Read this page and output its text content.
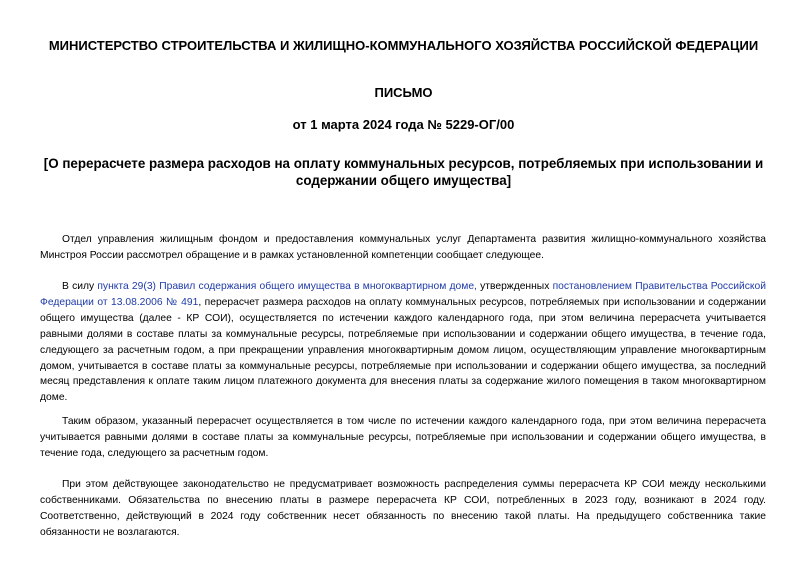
МИНИСТЕРСТВО СТРОИТЕЛЬСТВА И ЖИЛИЩНО-КОММУНАЛЬНОГО ХОЗЯЙСТВА РОССИЙСКОЙ ФЕДЕРАЦИИ
ПИСЬМО
от 1 марта 2024 года № 5229-ОГ/00
[О перерасчете размера расходов на оплату коммунальных ресурсов, потребляемых при использовании и содержании общего имущества]

Отдел управления жилищным фондом и предоставления коммунальных услуг Департамента развития жилищно-коммунального хозяйства Минстроя России рассмотрел обращение и в рамках установленной компетенции сообщает следующее.

В силу пункта 29(3) Правил содержания общего имущества в многоквартирном доме, утвержденных постановлением Правительства Российской Федерации от 13.08.2006 № 491, перерасчет размера расходов на оплату коммунальных ресурсов, потребляемых при использовании и содержании общего имущества (далее - КР СОИ), осуществляется по истечении каждого календарного года, при этом величина перерасчета учитывается равными долями в составе платы за коммунальные ресурсы, потребляемые при использовании и содержании общего имущества, в течение года, следующего за расчетным годом, а при прекращении управления многоквартирным домом лицом, осуществляющим управление многоквартирным домом, учитывается в составе платы за коммунальные ресурсы, потребляемые при использовании и содержании общего имущества, за последний месяц представления к оплате таким лицом платежного документа для внесения платы за содержание жилого помещения в таком многоквартирном доме.

Таким образом, указанный перерасчет осуществляется в том числе по истечении каждого календарного года, при этом величина перерасчета учитывается равными долями в составе платы за коммунальные ресурсы, потребляемые при использовании и содержании общего имущества, в течение года, следующего за расчетным годом.

При этом действующее законодательство не предусматривает возможность распределения суммы перерасчета КР СОИ между несколькими собственниками. Обязательства по внесению платы в размере перерасчета КР СОИ, потребленных в 2023 году, возникают в 2024 году. Соответственно, действующий в 2024 году собственник несет обязанность по внесению такой платы. На предыдущего собственника такие обязанности не возлагаются.
